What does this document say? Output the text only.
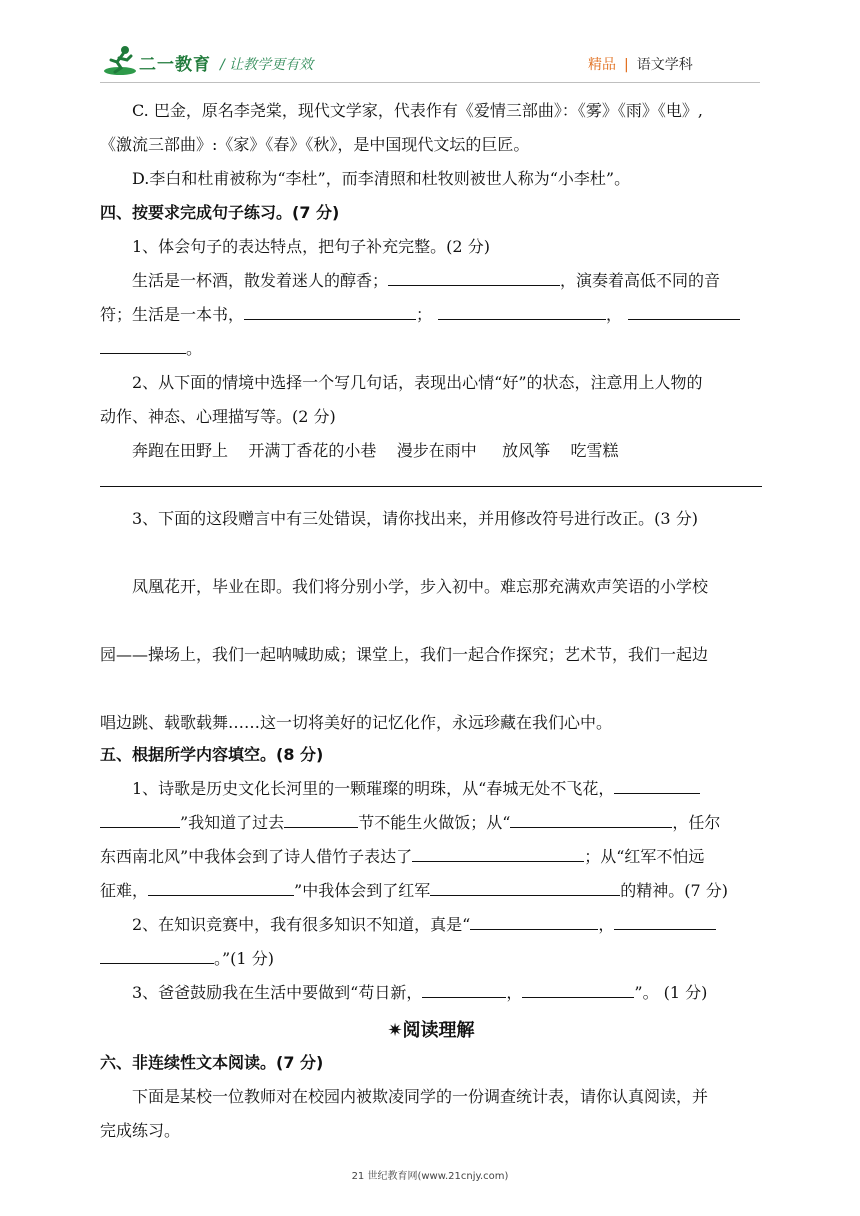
二一教育 / 让教学更有效	精品 | 语文学科
C. 巴金，原名李尧棠，现代文学家，代表作有《爱情三部曲》：《雾》《雨》《电》,
《激流三部曲》:《家》《春》《秋》，是中国现代文坛的巨匠。
D.李白和杜甫被称为“李杜”，而李清照和杜牧则被世人称为“小李杜”。
四、按要求完成句子练习。(7 分)
1、体会句子的表达特点，把句子补充完整。(2 分)
生活是一杯酒，散发着迷人的醇香；	，演奏着高低不同的音
符；生活是一本书，	；	，
。
2、从下面的情境中选择一个写几句话，表现出心情“好”的状态，注意用上人物的
动作、神态、心理描写等。(2 分)
奔跑在田野上    开满丁香花的小巷    漫步在雨中     放风筝    吃雪糕
3、下面的这段赠言中有三处错误，请你找出来，并用修改符号进行改正。(3 分)
凤凰花开，毕业在即。我们将分别小学，步入初中。难忘那充满欢声笑语的小学校
园——操场上，我们一起呐喊助威；课堂上，我们一起合作探究；艺术节，我们一起边
唱边跳、载歌载舞……这一切将美好的记忆化作，永远珍藏在我们心中。
五、根据所学内容填空。(8 分)
1、诗歌是历史文化长河里的一颗璀璨的明珠，从“春城无处不飞花，
”我知道了过去	节不能生火做饭；从“	，任尔
东西南北风”中我体会到了诗人借竹子表达了	；从“红军不怕远
征难，	”中我体会到了红军	的精神。(7 分)
2、在知识竞赛中，我有很多知识不知道，真是“	，
。”(1 分)
3、爸爸鼓励我在生活中要做到“苟日新，	，	”。 (1 分)
✷阅读理解
六、非连续性文本阅读。(7 分)
下面是某校一位教师对在校园内被欺凌同学的一份调查统计表，请你认真阅读，并
完成练习。
21 世纪教育网(www.21cnjy.com)
